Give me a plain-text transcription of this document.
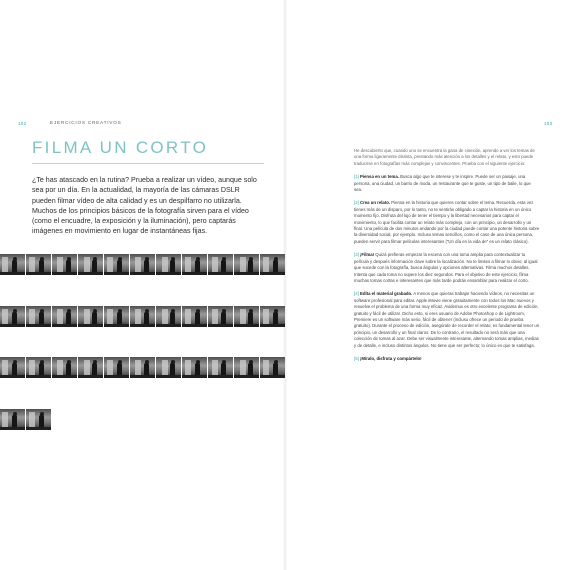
102	EJERCICIOS CREATIVOS
FILMA UN CORTO

¿Te has atascado en la rutina? Prueba a realizar un vídeo, aunque solo sea por un día. En la actualidad, la mayoría de las cámaras DSLR pueden filmar vídeo de alta calidad y es un despilfarro no utilizarla. Muchos de los principios básicos de la fotografía sirven para el vídeo (como el encuadre, la exposición y la iluminación), pero captarás imágenes en movimiento en lugar de instantáneas fijas.

103

He descubierto que, cuando uno se encuentra la gana de cinexión, aprendo a ver los temas de una forma ligeramente distinta, prestando más atención a los detalles y el relato, y esto puede traducirse en fotografías más complejas y convincentes. Prueba con el siguiente ejercicio:

[1] Piensa en un tema. Busca algo que te interese y te inspire. Puede ser un paisaje, una persona, una ciudad, un barrio de moda, un restaurante que te guste, un tipo de baile, lo que sea.

[2] Crea un relato. Piensa en la historia que quieres contar sobre el tema. Recuerda, esta vez tienes más de un disparo, por lo tanto, no te sentirás obligado a captar la historia en un único momento fijo. Disfruta del lujo de tener el tiempo y la libertad necesarios para captar el movimiento, lo que facilita contar un relato más complejo, con un principio, un desarrollo y un final. Una película de dos minutos andando por la ciudad puede contar una potente historia sobre la diversidad social, por ejemplo. Incluso temas sencillos, como el caso de una única persona, pueden servir para filmar películas interesantes ("Un día en la vida de" es un relato clásico).

[3] ¡Filma! Quizá prefieras empezar la escena con una toma amplia para contextualizar tu película y después información clave sobre la localización. No te limites a filmar lo obvio; al igual que sucede con la fotografía, busca ángulos y opciones alternativas. Filma muchos detalles. Intenta que cada toma no supere los diez segundos. Para el objetivo de este ejercicio, filma muchas tomas cortas e interesantes que más tarde podrás ensamblar para realizar el corto.

[4] Edita el material grabado. A menos que quieras trabajar haciendo vídeos, no necesitas un software profesional para editar. Apple iMovie viene gratuitamente con todos los Mac nuevos y resuelve el problema de una forma muy eficaz. Avidemux es otro excelente programa de edición, gratuito y fácil de utilizar. Dicho esto, si eres usuario de Adobe Photoshop o de Lightroom, Premiere es un software más serio, fácil de obtener (incluso ofrece un periodo de prueba gratuito). Durante el proceso de edición, asegúrate de recorder el relato; es fundamental tener un principio, un desarrollo y un final claros. De lo contrario, el resultado no será más que una colección de tomas al azar. Debe ser visualmente interesante, alternando tomas amplias, medias y de detalle, e incluso distintos ángulos. No tiene que ser perfecto; lo único es que te satisfaga.

[5] ¡Míralo, disfruta y compártelo!
